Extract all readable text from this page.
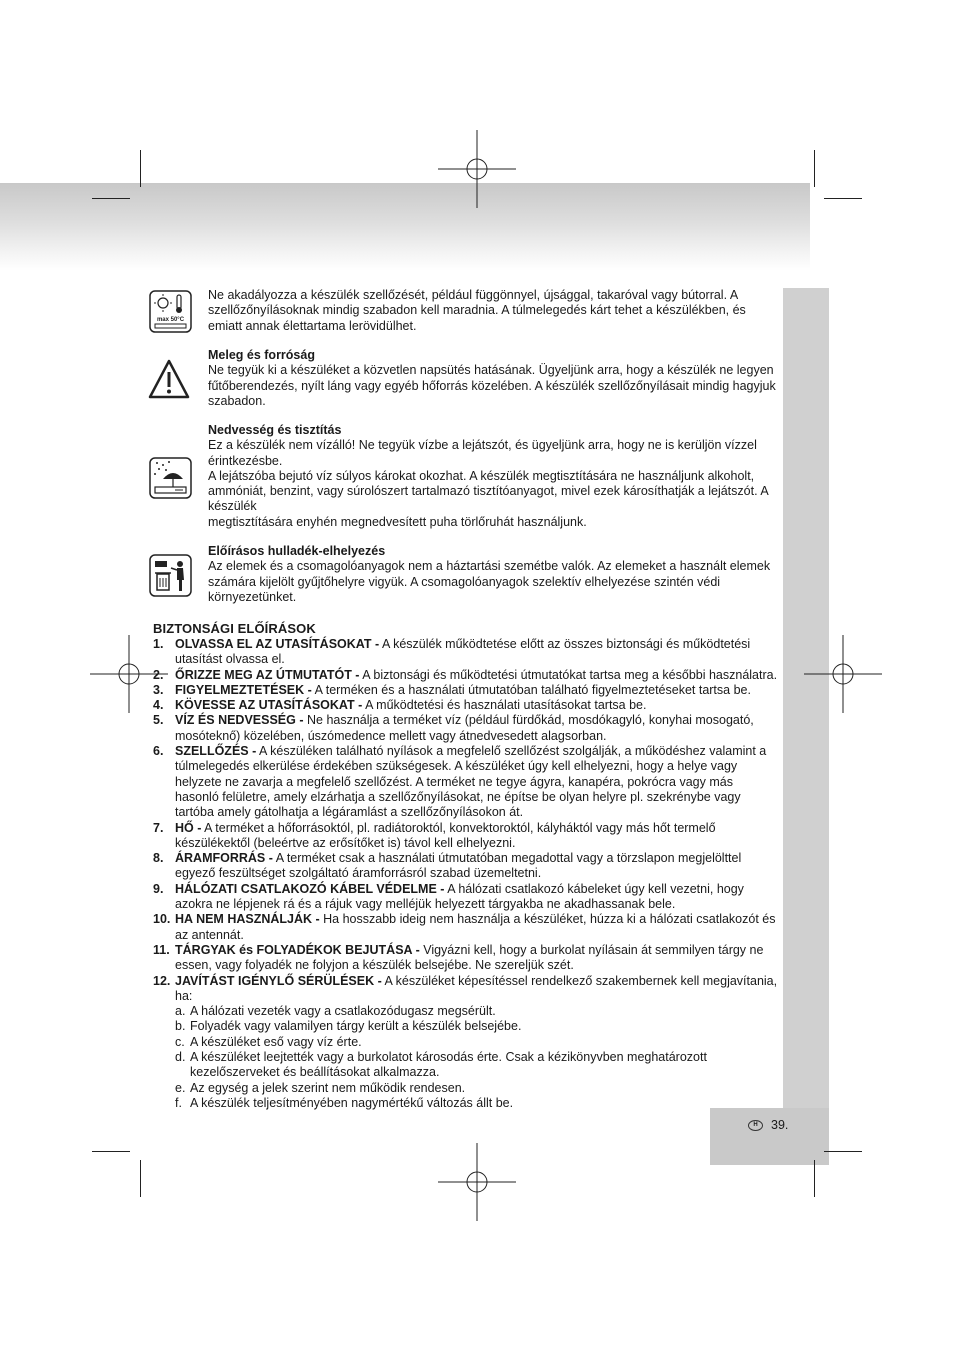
H	39.
max 50°C
Ne akadályozza a készülék szellőzését, például függönnyel, újsággal, takaróval vagy bútorral. A szellőzőnyílásoknak mindig szabadon kell maradnia. A túlmelegedés kárt tehet a készülékben, és emiatt annak élettartama lerövidülhet.
Meleg és forróság
Ne tegyük ki a készüléket a közvetlen napsütés hatásának. Ügyeljünk arra, hogy a készülék ne legyen fűtőberendezés, nyílt láng vagy egyéb hőforrás közelében. A készülék szellőzőnyílásait mindig hagyjuk szabadon.
Nedvesség és tisztítás
Ez a készülék nem vízálló! Ne tegyük vízbe a lejátszót, és ügyeljünk arra, hogy ne is kerüljön vízzel érintkezésbe.
A lejátszóba bejutó víz súlyos károkat okozhat. A készülék megtisztítására ne használjunk alkoholt, ammóniát, benzint, vagy súrolószert tartalmazó tisztítóanyagot, mivel ezek károsíthatják a lejátszót. A készülék
megtisztítására enyhén megnedvesített puha törlőruhát használjunk.
Előírásos hulladék-elhelyezés
Az elemek és a csomagolóanyagok nem a háztartási szemétbe valók. Az elemeket a használt elemek számára kijelölt gyűjtőhelyre vigyük. A csomagolóanyagok szelektív elhelyezése szintén védi környezetünket.
BIZTONSÁGI ELŐÍRÁSOK
1. OLVASSA EL AZ UTASÍTÁSOKAT - A készülék működtetése előtt az összes biztonsági és működtetési utasítást olvassa el.
2. ŐRIZZE MEG AZ ÚTMUTATÓT - A biztonsági és működtetési útmutatókat tartsa meg a későbbi használatra.
3. FIGYELMEZTETÉSEK - A terméken és a használati útmutatóban található figyelmeztetéseket tartsa be.
4. KÖVESSE AZ UTASÍTÁSOKAT - A működtetési és használati utasításokat tartsa be.
5. VÍZ ÉS NEDVESSÉG - Ne használja a terméket víz (például fürdőkád, mosdókagyló, konyhai mosogató, mosóteknő) közelében, úszómedence mellett vagy átnedvesedett alagsorban.
6. SZELLŐZÉS - A készüléken található nyílások a megfelelő szellőzést szolgálják, a működéshez valamint a túlmelegedés elkerülése érdekében szükségesek. A készüléket úgy kell elhelyezni, hogy a helye vagy helyzete ne zavarja a megfelelő szellőzést. A terméket ne tegye ágyra, kanapéra, pokrócra vagy más hasonló felületre, amely elzárhatja a szellőzőnyílásokat, ne építse be olyan helyre pl. szekrénybe vagy tartóba amely gátolhatja a légáramlást a szellőzőnyílásokon át.
7. HŐ - A terméket a hőforrásoktól, pl. radiátoroktól, konvektoroktól, kályháktól vagy más hőt termelő készülékektől (beleértve az erősítőket is) távol kell elhelyezni.
8. ÁRAMFORRÁS - A terméket csak a használati útmutatóban megadottal vagy a törzslapon megjelölttel egyező feszültséget szolgáltató áramforrásról szabad üzemeltetni.
9. HÁLÓZATI CSATLAKOZÓ KÁBEL VÉDELME - A hálózati csatlakozó kábeleket úgy kell vezetni, hogy azokra ne lépjenek rá és a rájuk vagy melléjük helyezett tárgyakba ne akadhassanak bele.
10. HA NEM HASZNÁLJÁK - Ha hosszabb ideig nem használja a készüléket, húzza ki a hálózati csatlakozót és az antennát.
11. TÁRGYAK és FOLYADÉKOK BEJUTÁSA - Vigyázni kell, hogy a burkolat nyílásain át semmilyen tárgy ne essen, vagy folyadék ne folyjon a készülék belsejébe. Ne szereljük szét.
12. JAVÍTÁST IGÉNYLŐ SÉRÜLÉSEK - A készüléket képesítéssel rendelkező szakembernek kell megjavítania, ha:
a. A hálózati vezeték vagy a csatlakozódugasz megsérült.
b. Folyadék vagy valamilyen tárgy került a készülék belsejébe.
c. A készüléket eső vagy víz érte.
d. A készüléket leejtették vagy a burkolatot károsodás érte. Csak a kézikönyvben meghatározott kezelőszerveket és beállításokat alkalmazza.
e. Az egység a jelek szerint nem működik rendesen.
f. A készülék teljesítményében nagymértékű változás állt be.
